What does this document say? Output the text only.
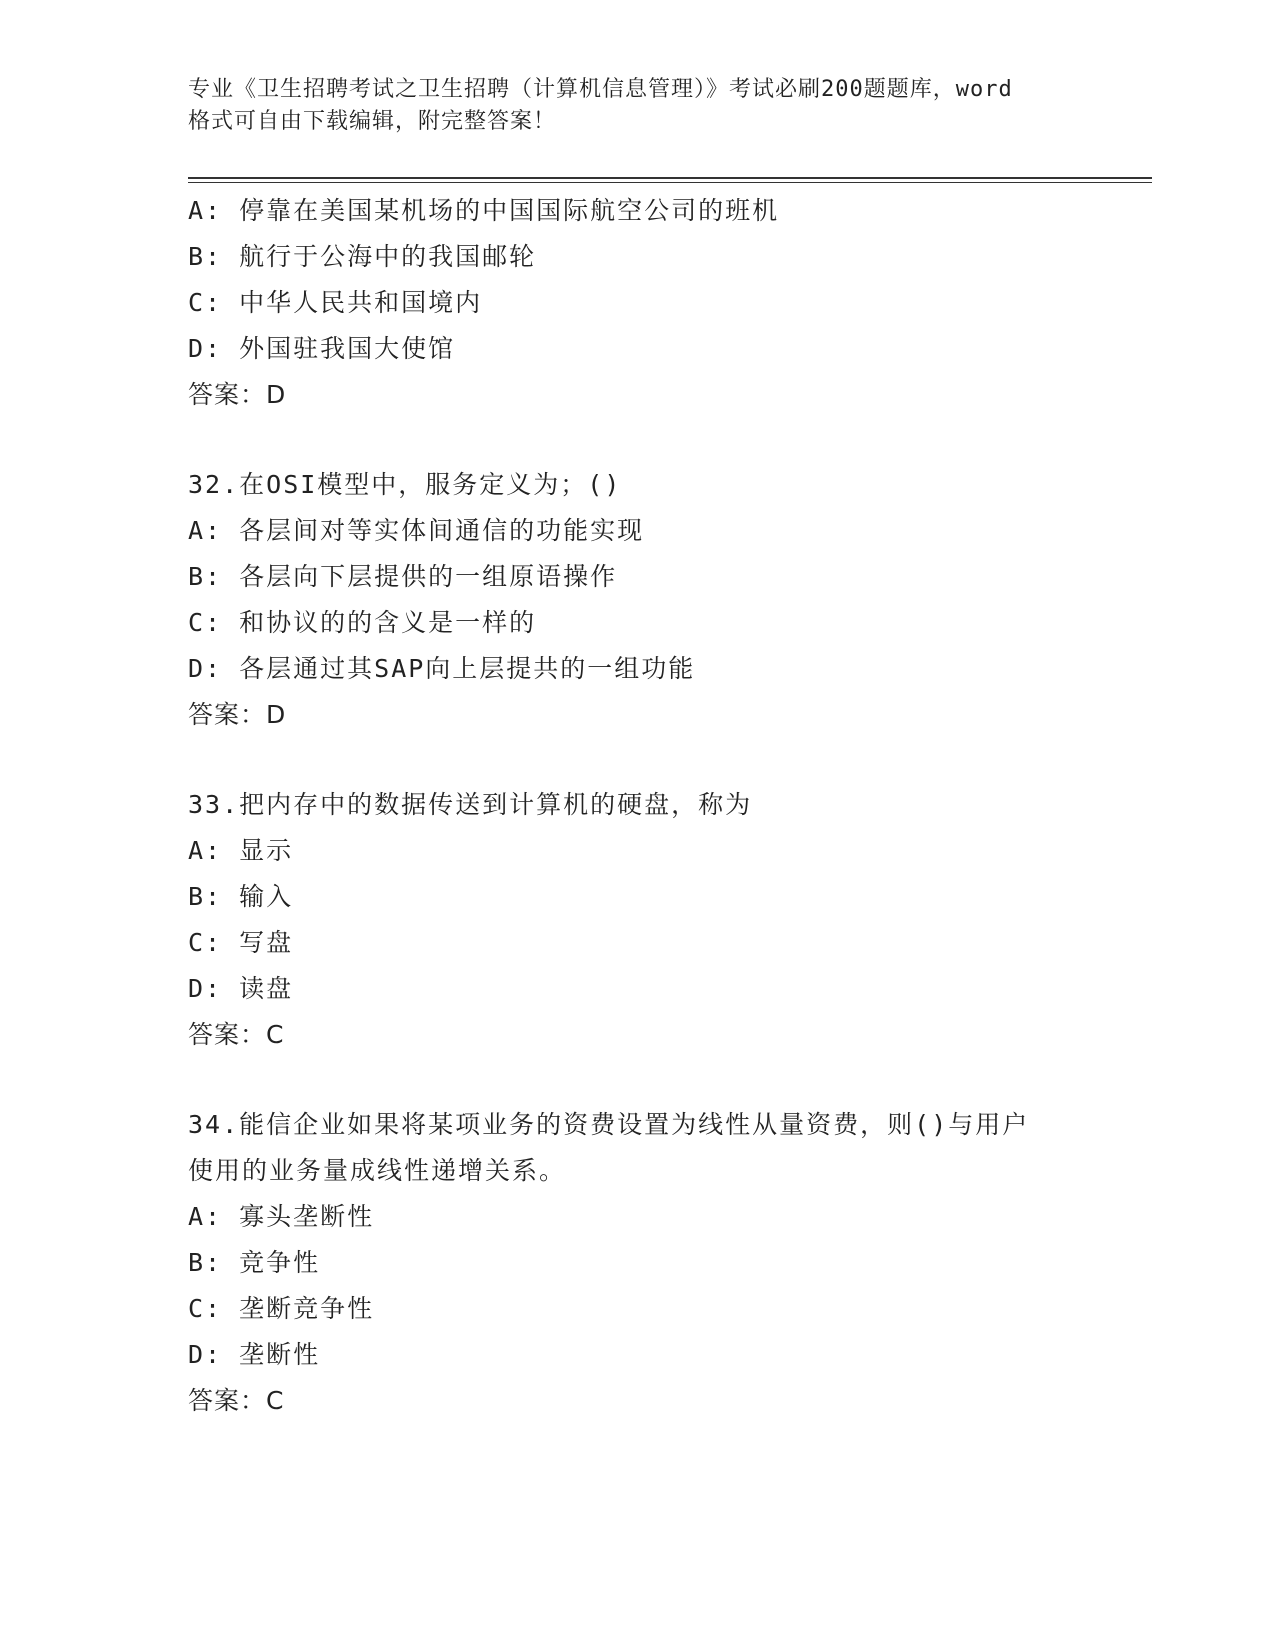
专业《卫生招聘考试之卫生招聘（计算机信息管理）》考试必刷200题题库，word
格式可自由下载编辑，附完整答案！
A: 停靠在美国某机场的中国国际航空公司的班机
B: 航行于公海中的我国邮轮
C: 中华人民共和国境内
D: 外国驻我国大使馆
答案：D
32.在OSI模型中，服务定义为；()
A: 各层间对等实体间通信的功能实现
B: 各层向下层提供的一组原语操作
C: 和协议的的含义是一样的
D: 各层通过其SAP向上层提共的一组功能
答案：D
33.把内存中的数据传送到计算机的硬盘，称为
A: 显示
B: 输入
C: 写盘
D: 读盘
答案：C
34.能信企业如果将某项业务的资费设置为线性从量资费，则()与用户
使用的业务量成线性递增关系。
A: 寡头垄断性
B: 竞争性
C: 垄断竞争性
D: 垄断性
答案：C
